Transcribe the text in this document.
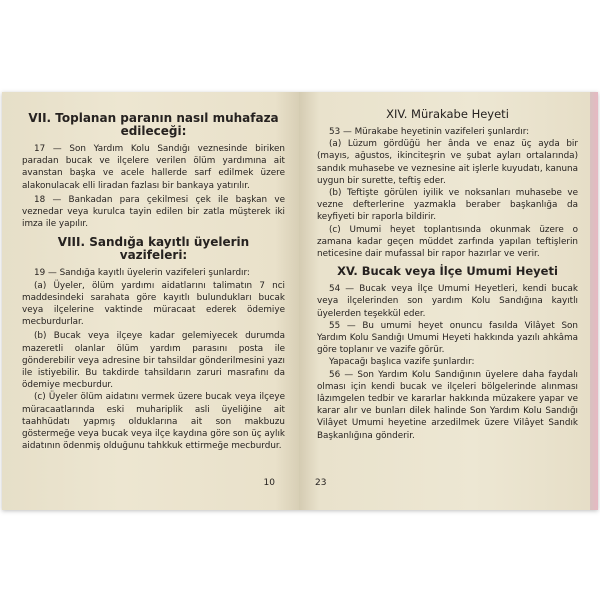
VII. Toplanan paranın nasıl muhafaza edileceği:

17 — Son Yardım Kolu Sandığı veznesinde biriken paradan bucak ve ilçelere verilen ölüm yardımına ait avanstan başka ve acele hallerde sarf edilmek üzere alakonulacak elli liradan fazlası bir bankaya yatırılır.

18 — Bankadan para çekilmesi çek ile başkan ve veznedar veya kurulca tayin edilen bir zatla müşterek iki imza ile yapılır.

VIII. Sandığa kayıtlı üyelerin vazifeleri:

19 — Sandığa kayıtlı üyelerin vazifeleri şunlardır:

(a) Üyeler, ölüm yardımı aidatlarını talimatın 7 nci maddesindeki sarahata göre kayıtlı bulundukları bucak veya ilçelerine vaktinde müracaat ederek ödemiye mecburdurlar.

(b) Bucak veya ilçeye kadar gelemiyecek durumda mazeretli olanlar ölüm yardım parasını posta ile gönderebilir veya adresine bir tahsildar gönderilmesini yazı ile istiyebilir. Bu takdirde tahsildarın zaruri masrafını da ödemiye mecburdur.

(c) Üyeler ölüm aidatını vermek üzere bucak veya ilçeye müracaatlarında eski muhariplik asli üyeliğine ait taahhüdatı yapmış olduklarına ait son makbuzu göstermeğe veya bucak veya ilçe kaydına göre son üç aylık aidatının ödenmiş olduğunu tahkkuk ettirmeğe mecburdur.

10
XIV. Mürakabe Heyeti

53 — Mürakabe heyetinin vazifeleri şunlardır:

(a) Lüzum gördüğü her ânda ve enaz üç ayda bir (mayıs, ağustos, ikinciteşrin ve şubat ayları ortalarında) sandık muhasebe ve veznesine ait işlerle kuyudatı, kanuna uygun bir surette, teftiş eder.

(b) Teftişte görülen iyilik ve noksanları muhasebe ve vezne defterlerine yazmakla beraber başkanlığa da keyfiyeti bir raporla bildirir.

(c) Umumi heyet toplantısında okunmak üzere o zamana kadar geçen müddet zarfında yapılan teftişlerin neticesine dair mufassal bir rapor hazırlar ve verir.

XV. Bucak veya İlçe Umumi Heyeti

54 — Bucak veya İlçe Umumi Heyetleri, kendi bucak veya ilçelerinden son yardım Kolu Sandığına kayıtlı üyelerden teşekkül eder.

55 — Bu umumi heyet onuncu fasılda Vilâyet Son Yardım Kolu Sandığı Umumi Heyeti hakkında yazılı ahkâma göre toplanır ve vazife görür.

Yapacağı başlıca vazife şunlardır:

56 — Son Yardım Kolu Sandığının üyelere daha faydalı olması için kendi bucak ve ilçeleri bölgelerinde alınması lâzımgelen tedbir ve kararlar hakkında müzakere yapar ve karar alır ve bunları dilek halinde Son Yardım Kolu Sandığı Vilâyet Umumi heyetine arzedilmek üzere Vilâyet Sandık Başkanlığına gönderir.

23
